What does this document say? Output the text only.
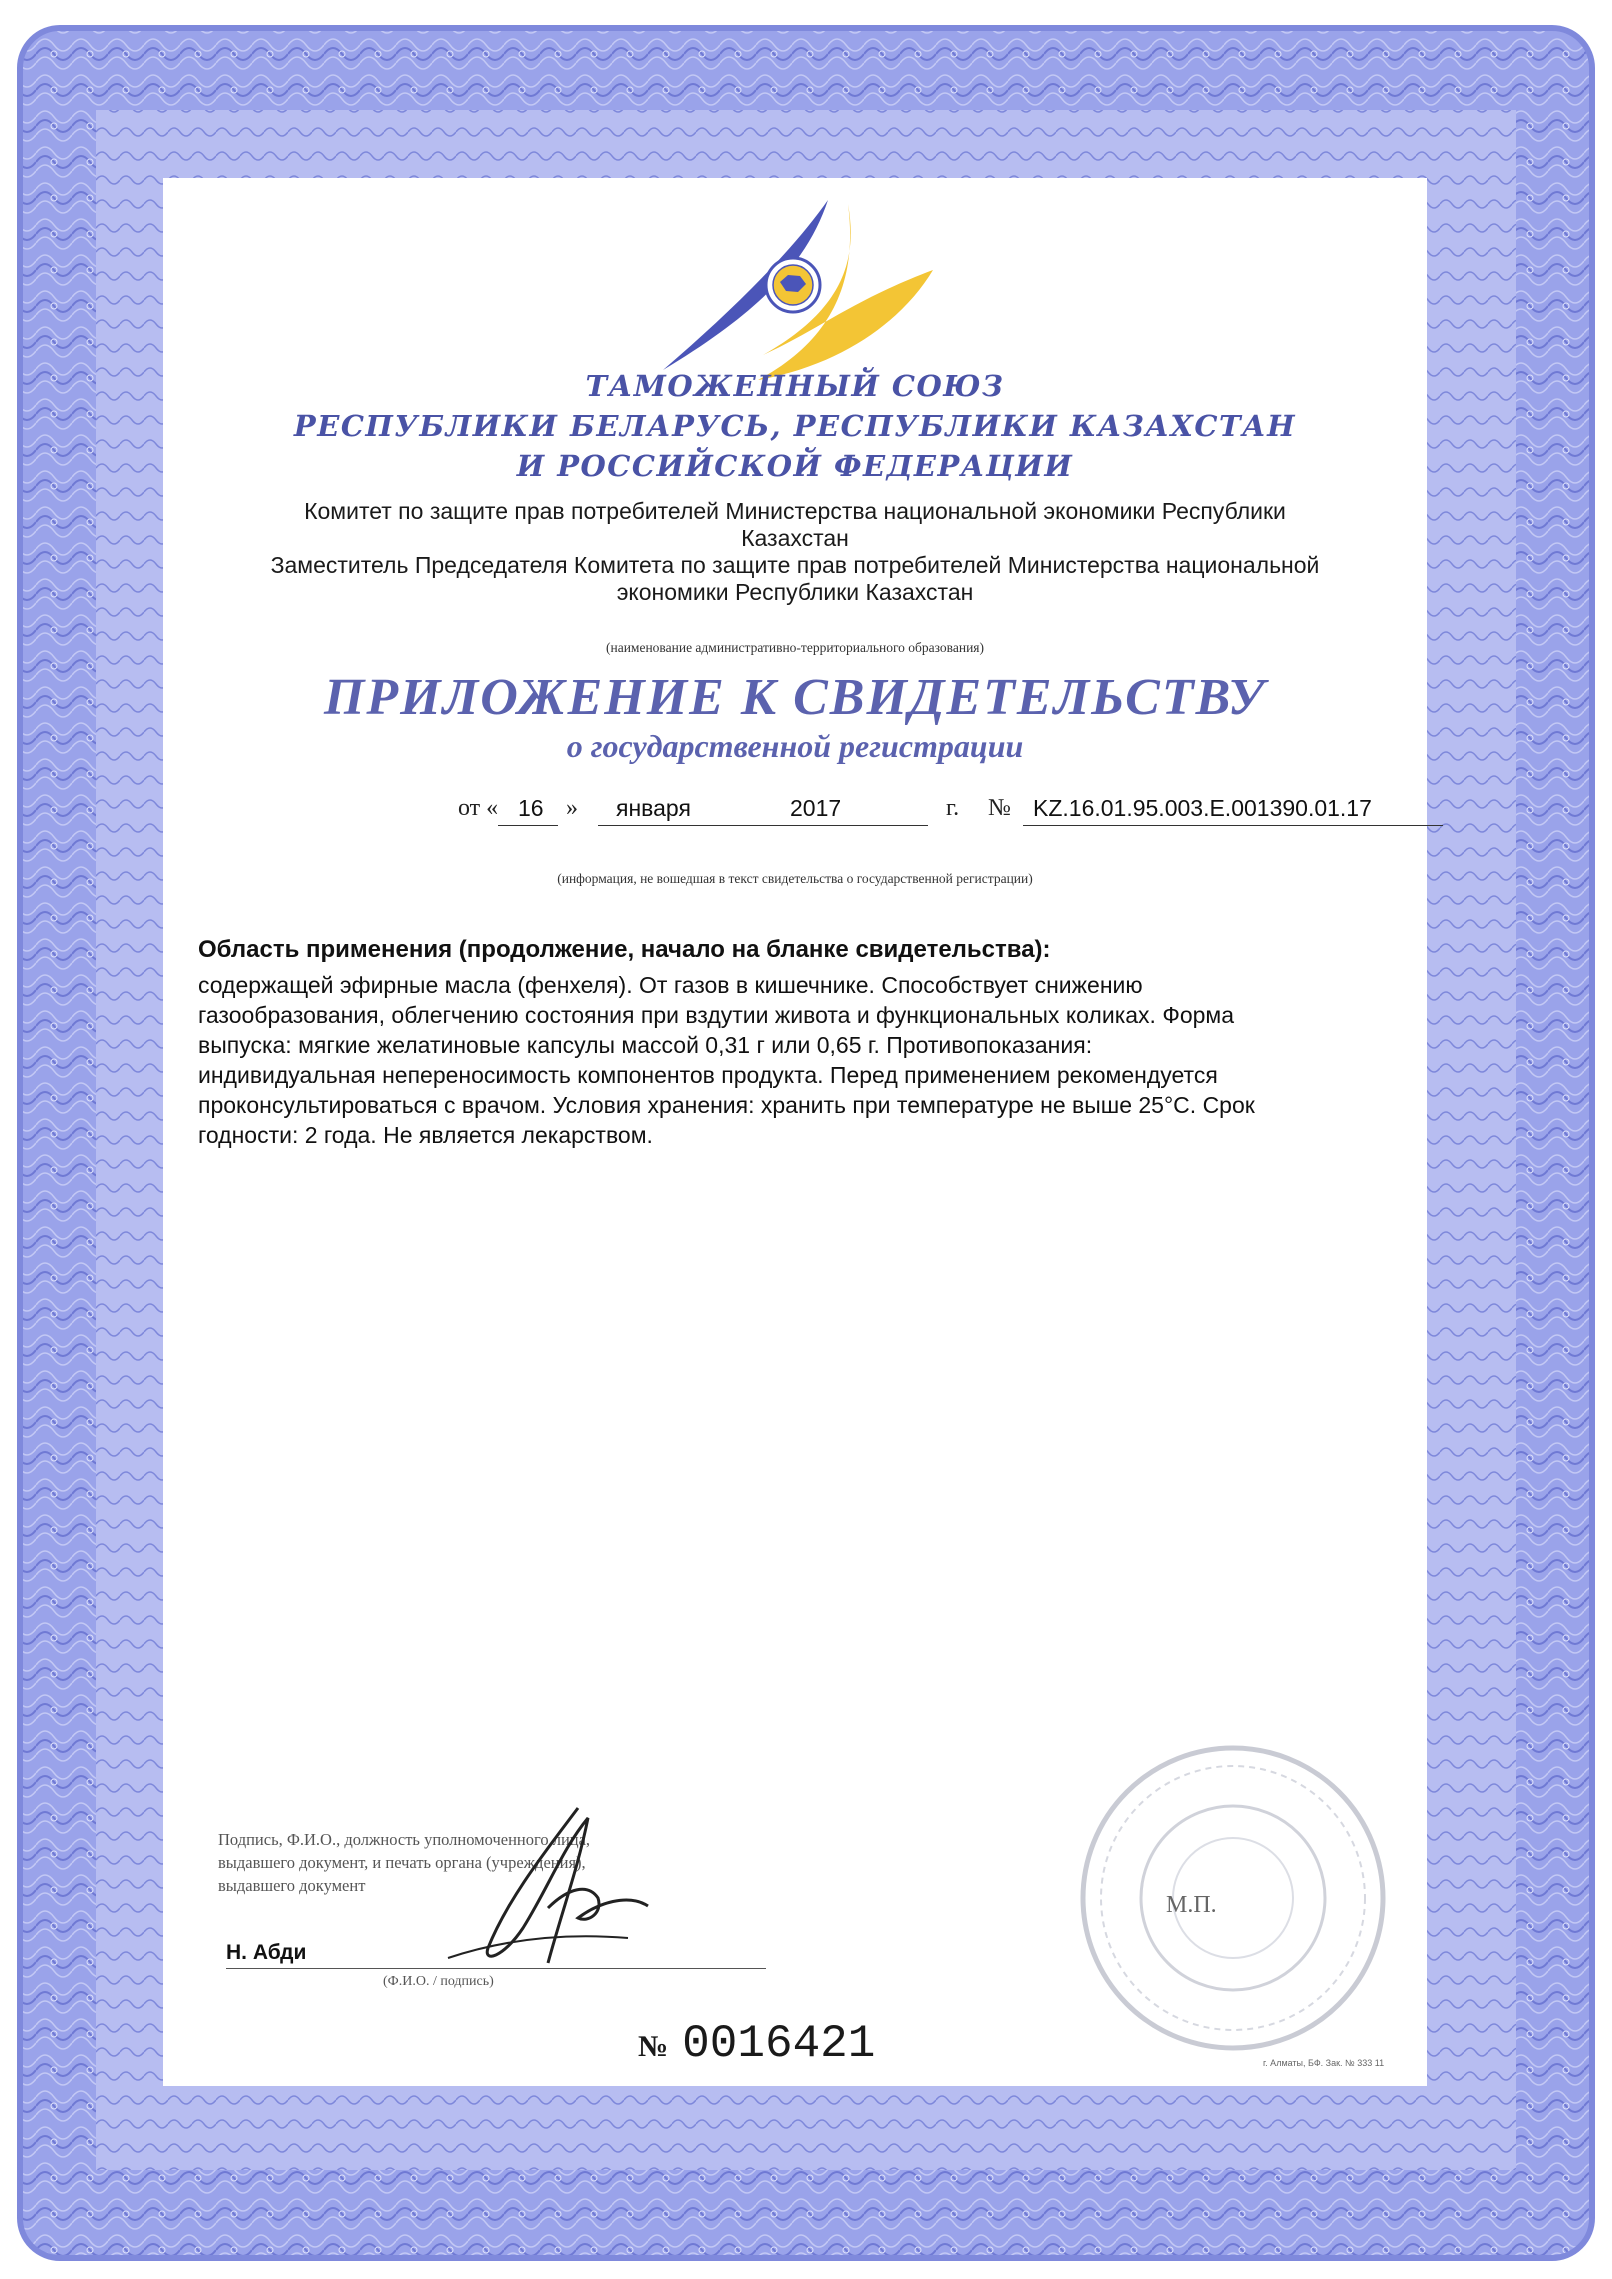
ТАМОЖЕННЫЙ СОЮЗ
РЕСПУБЛИКИ БЕЛАРУСЬ, РЕСПУБЛИКИ КАЗАХСТАН
И РОССИЙСКОЙ ФЕДЕРАЦИИ
Комитет по защите прав потребителей Министерства национальной экономики Республики
Казахстан
Заместитель Председателя Комитета по защите прав потребителей Министерства национальной
экономики Республики Казахстан
(наименование административно-территориального образования)
ПРИЛОЖЕНИЕ К СВИДЕТЕЛЬСТВУ
о государственной регистрации
от « 16 » января	2017	г. № KZ.16.01.95.003.E.001390.01.17
(информация, не вошедшая в текст свидетельства о государственной регистрации)
Область применения (продолжение, начало на бланке свидетельства):
содержащей эфирные масла (фенхеля). От газов в кишечнике. Способствует снижению
газообразования, облегчению состояния при вздутии живота и функциональных коликах. Форма
выпуска: мягкие желатиновые капсулы массой 0,31 г или 0,65 г. Противопоказания:
индивидуальная непереносимость компонентов продукта. Перед применением рекомендуется
проконсультироваться с врачом. Условия хранения: хранить при температуре не выше 25°С. Срок
годности: 2 года. Не является лекарством.
Подпись, Ф.И.О., должность уполномоченного лица,
выдавшего документ, и печать органа (учреждения),
выдавшего документ
Н. Абди
(Ф.И.О. / подпись)
М.П.
№ 0016421	г. Алматы, БФ. Зак. № 333 11
